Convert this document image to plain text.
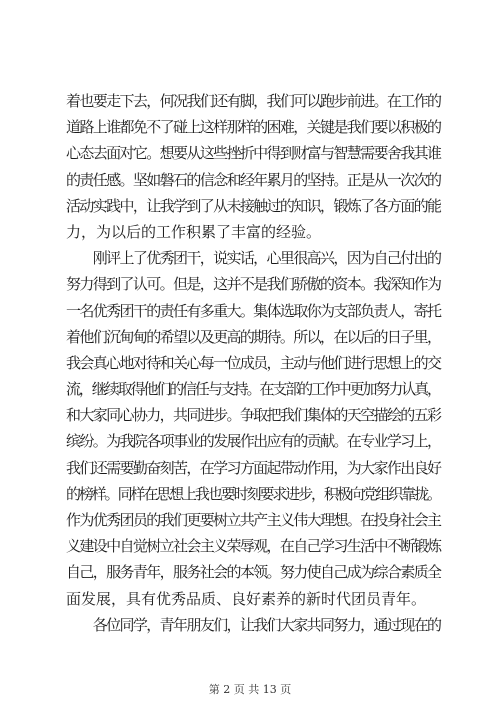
着也要走下去，何况我们还有脚，我们可以跑步前进。在工作的
道路上谁都免不了碰上这样那样的困难，关键是我们要以积极的
心态去面对它。想要从这些挫折中得到财富与智慧需要舍我其谁
的责任感。坚如磐石的信念和经年累月的坚持。正是从一次次的
活动实践中，让我学到了从未接触过的知识，锻炼了各方面的能
力，为以后的工作积累了丰富的经验。
　　刚评上了优秀团干，说实话，心里很高兴，因为自己付出的
努力得到了认可。但是，这并不是我们骄傲的资本。我深知作为
一名优秀团干的责任有多重大。集体选取你为支部负责人，寄托
着他们沉甸甸的希望以及更高的期待。所以，在以后的日子里，
我会真心地对待和关心每一位成员，主动与他们进行思想上的交
流，继续取得他们的信任与支持。在支部的工作中更加努力认真，
和大家同心协力，共同进步。争取把我们集体的天空描绘的五彩
缤纷。为我院各项事业的发展作出应有的贡献。在专业学习上，
我们还需要勤奋刻苦，在学习方面起带动作用，为大家作出良好
的榜样。同样在思想上我也要时刻要求进步，积极向党组织靠拢。
作为优秀团员的我们更要树立共产主义伟大理想。在投身社会主
义建设中自觉树立社会主义荣辱观，在自己学习生活中不断锻炼
自己，服务青年，服务社会的本领。努力使自己成为综合素质全
面发展，具有优秀品质、良好素养的新时代团员青年。
　　各位同学，青年朋友们，让我们大家共同努力，通过现在的
第 2 页 共 13 页
